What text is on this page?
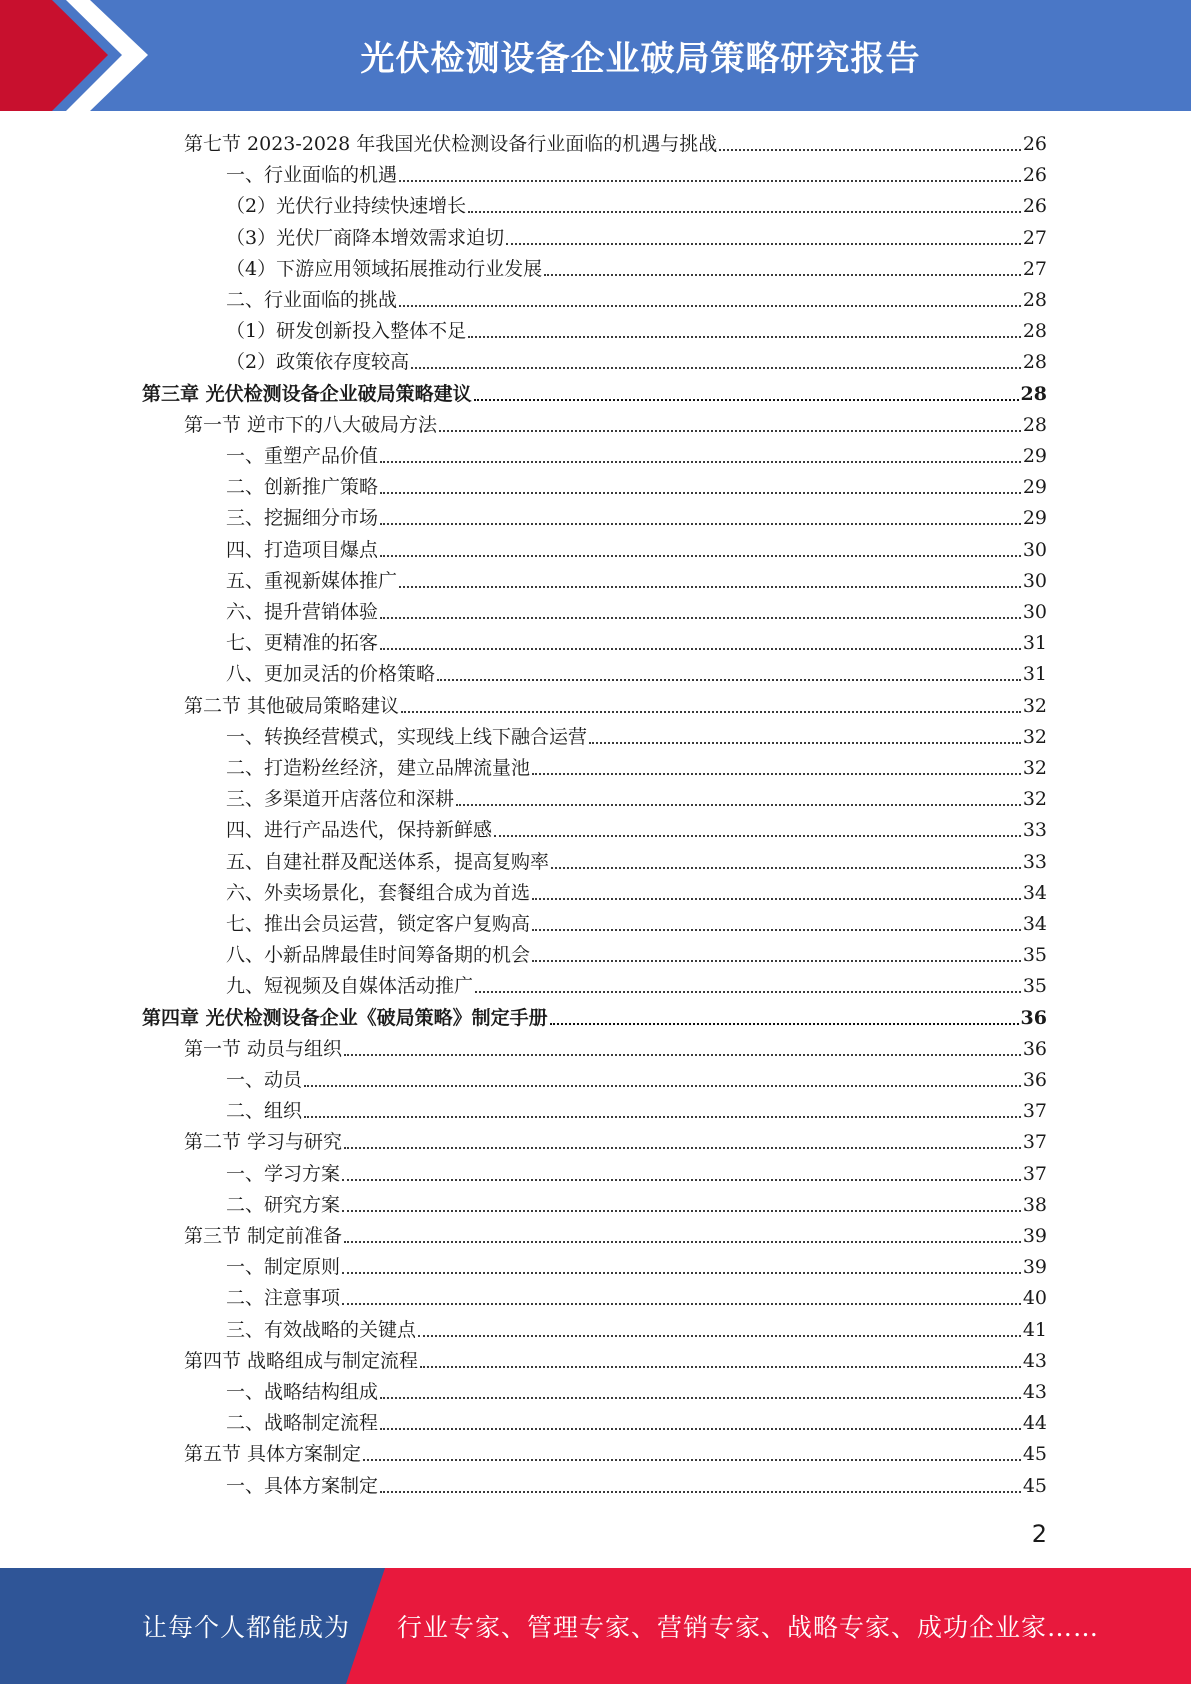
光伏检测设备企业破局策略研究报告
第七节 2023-2028 年我国光伏检测设备行业面临的机遇与挑战	26
一、行业面临的机遇	26
（2）光伏行业持续快速增长	26
（3）光伏厂商降本增效需求迫切	27
（4）下游应用领域拓展推动行业发展	27
二、行业面临的挑战	28
（1）研发创新投入整体不足	28
（2）政策依存度较高	28
第三章 光伏检测设备企业破局策略建议	28
第一节 逆市下的八大破局方法	28
一、重塑产品价值	29
二、创新推广策略	29
三、挖掘细分市场	29
四、打造项目爆点	30
五、重视新媒体推广	30
六、提升营销体验	30
七、更精准的拓客	31
八、更加灵活的价格策略	31
第二节 其他破局策略建议	32
一、转换经营模式，实现线上线下融合运营	32
二、打造粉丝经济，建立品牌流量池	32
三、多渠道开店落位和深耕	32
四、进行产品迭代，保持新鲜感	33
五、自建社群及配送体系，提高复购率	33
六、外卖场景化，套餐组合成为首选	34
七、推出会员运营，锁定客户复购高	34
八、小新品牌最佳时间筹备期的机会	35
九、短视频及自媒体活动推广	35
第四章 光伏检测设备企业《破局策略》制定手册	36
第一节 动员与组织	36
一、动员	36
二、组织	37
第二节 学习与研究	37
一、学习方案	37
二、研究方案	38
第三节 制定前准备	39
一、制定原则	39
二、注意事项	40
三、有效战略的关键点	41
第四节 战略组成与制定流程	43
一、战略结构组成	43
二、战略制定流程	44
第五节 具体方案制定	45
一、具体方案制定	45
2
让每个人都能成为 行业专家、管理专家、营销专家、战略专家、成功企业家……
